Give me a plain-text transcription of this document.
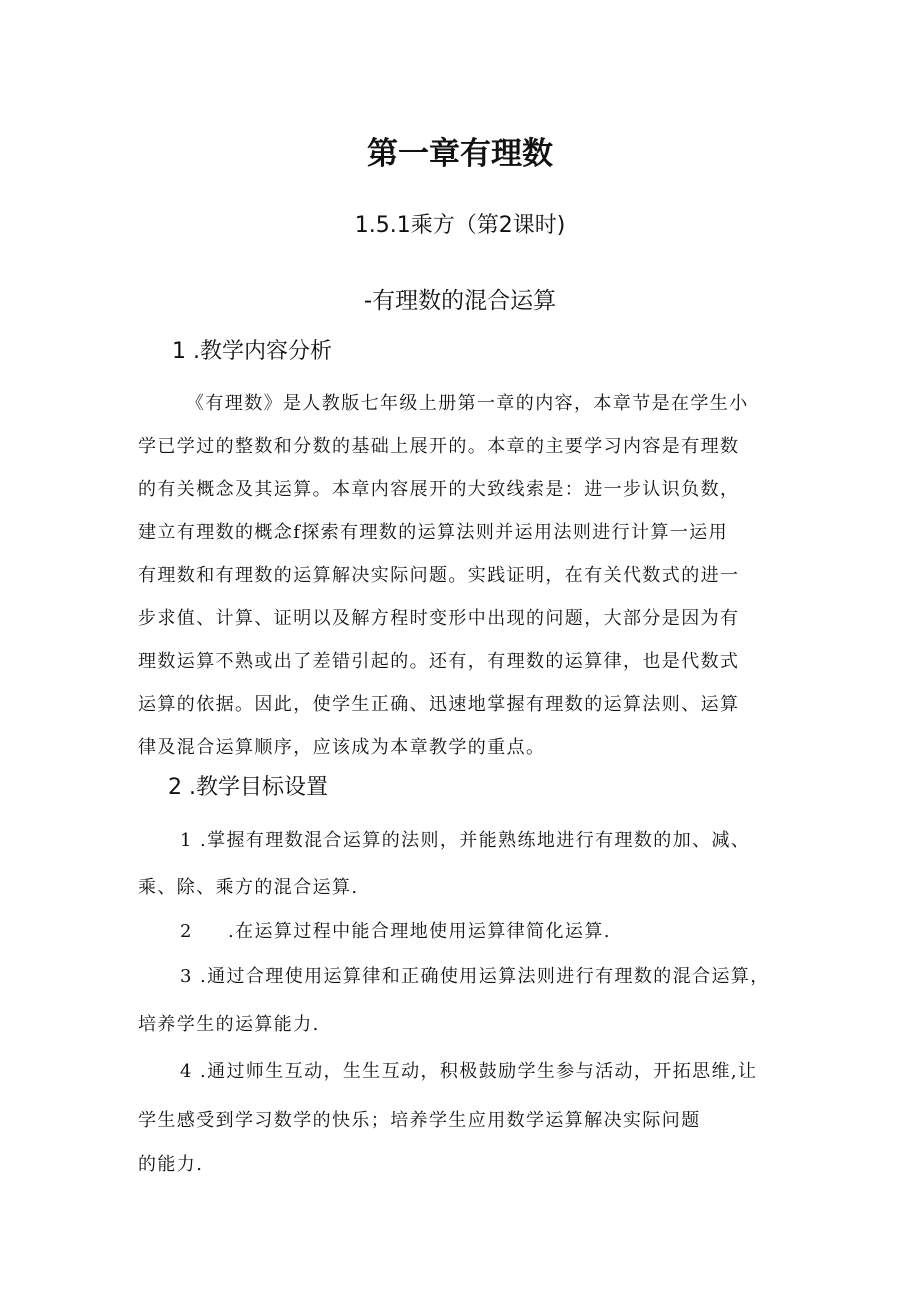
第一章有理数
1.5.1乘方（第2课时)
-有理数的混合运算
1 .教学内容分析
《有理数》是人教版七年级上册第一章的内容，本章节是在学生小
学已学过的整数和分数的基础上展开的。本章的主要学习内容是有理数
的有关概念及其运算。本章内容展开的大致线索是：进一步认识负数，
建立有理数的概念f探索有理数的运算法则并运用法则进行计算一运用
有理数和有理数的运算解决实际问题。实践证明，在有关代数式的进一
步求值、计算、证明以及解方程时变形中出现的问题，大部分是因为有
理数运算不熟或出了差错引起的。还有，有理数的运算律，也是代数式
运算的依据。因此，使学生正确、迅速地掌握有理数的运算法则、运算
律及混合运算顺序，应该成为本章教学的重点。
2 .教学目标设置
1 .掌握有理数混合运算的法则，并能熟练地进行有理数的加、减、
乘、除、乘方的混合运算.
2 .在运算过程中能合理地使用运算律简化运算.
3 .通过合理使用运算律和正确使用运算法则进行有理数的混合运算，
培养学生的运算能力.
4 .通过师生互动，生生互动，积极鼓励学生参与活动，开拓思维,让
学生感受到学习数学的快乐；培养学生应用数学运算解决实际问题
的能力.
